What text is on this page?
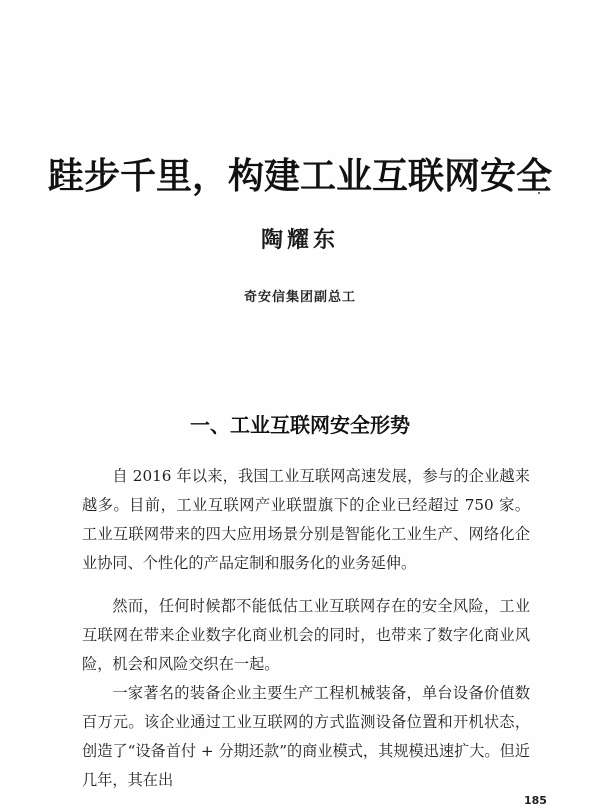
跬步千里，构建工业互联网安全
陶耀东
奇安信集团副总工
一、工业互联网安全形势

自 2016 年以来，我国工业互联网高速发展，参与的企业越来越多。目前，工业互联网产业联盟旗下的企业已经超过 750 家。工业互联网带来的四大应用场景分别是智能化工业生产、网络化企业协同、个性化的产品定制和服务化的业务延伸。

然而，任何时候都不能低估工业互联网存在的安全风险，工业互联网在带来企业数字化商业机会的同时，也带来了数字化商业风险，机会和风险交织在一起。

一家著名的装备企业主要生产工程机械装备，单台设备价值数百万元。该企业通过工业互联网的方式监测设备位置和开机状态，创造了“设备首付 + 分期还款”的商业模式，其规模迅速扩大。但近几年，其在出

185
